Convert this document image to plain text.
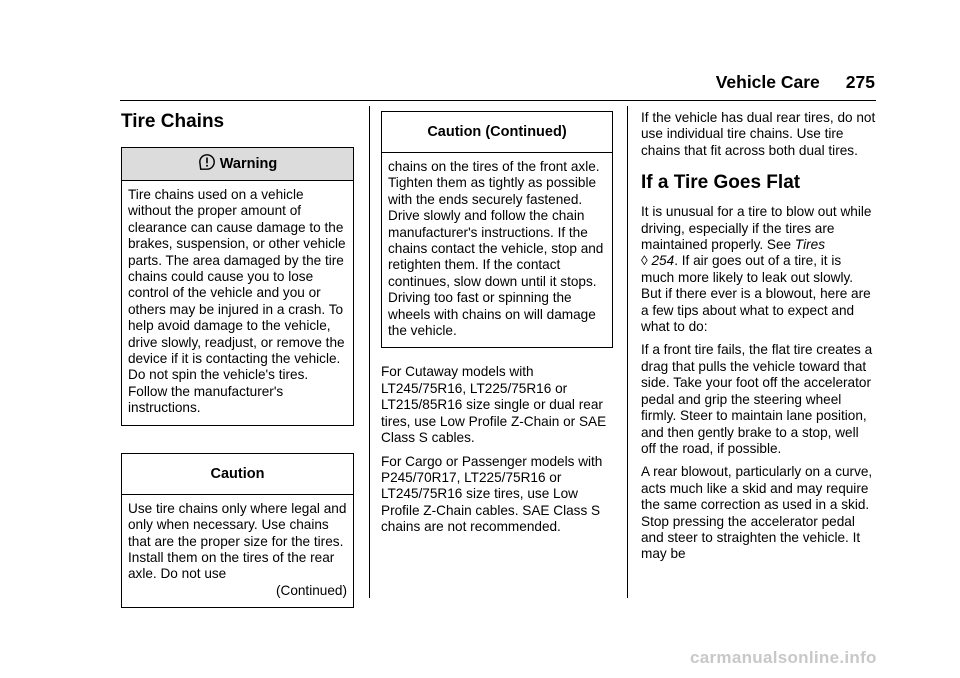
Vehicle Care 275
Tire Chains
Warning
Tire chains used on a vehicle without the proper amount of clearance can cause damage to the brakes, suspension, or other vehicle parts. The area damaged by the tire chains could cause you to lose control of the vehicle and you or others may be injured in a crash. To help avoid damage to the vehicle, drive slowly, readjust, or remove the device if it is contacting the vehicle. Do not spin the vehicle's tires. Follow the manufacturer's instructions.
Caution
Use tire chains only where legal and only when necessary. Use chains that are the proper size for the tires. Install them on the tires of the rear axle. Do not use
(Continued)
Caution (Continued)
chains on the tires of the front axle. Tighten them as tightly as possible with the ends securely fastened. Drive slowly and follow the chain manufacturer's instructions. If the chains contact the vehicle, stop and retighten them. If the contact continues, slow down until it stops. Driving too fast or spinning the wheels with chains on will damage the vehicle.

For Cutaway models with LT245/75R16, LT225/75R16 or LT215/85R16 size single or dual rear tires, use Low Profile Z-Chain or SAE Class S cables.

For Cargo or Passenger models with P245/70R17, LT225/75R16 or LT245/75R16 size tires, use Low Profile Z-Chain cables. SAE Class S chains are not recommended.

If the vehicle has dual rear tires, do not use individual tire chains. Use tire chains that fit across both dual tires.

If a Tire Goes Flat

It is unusual for a tire to blow out while driving, especially if the tires are maintained properly. See Tires
◊ 254. If air goes out of a tire, it is much more likely to leak out slowly. But if there ever is a blowout, here are a few tips about what to expect and what to do:

If a front tire fails, the flat tire creates a drag that pulls the vehicle toward that side. Take your foot off the accelerator pedal and grip the steering wheel firmly. Steer to maintain lane position, and then gently brake to a stop, well off the road, if possible.

A rear blowout, particularly on a curve, acts much like a skid and may require the same correction as used in a skid. Stop pressing the accelerator pedal and steer to straighten the vehicle. It may be

carmanualsonline.info
